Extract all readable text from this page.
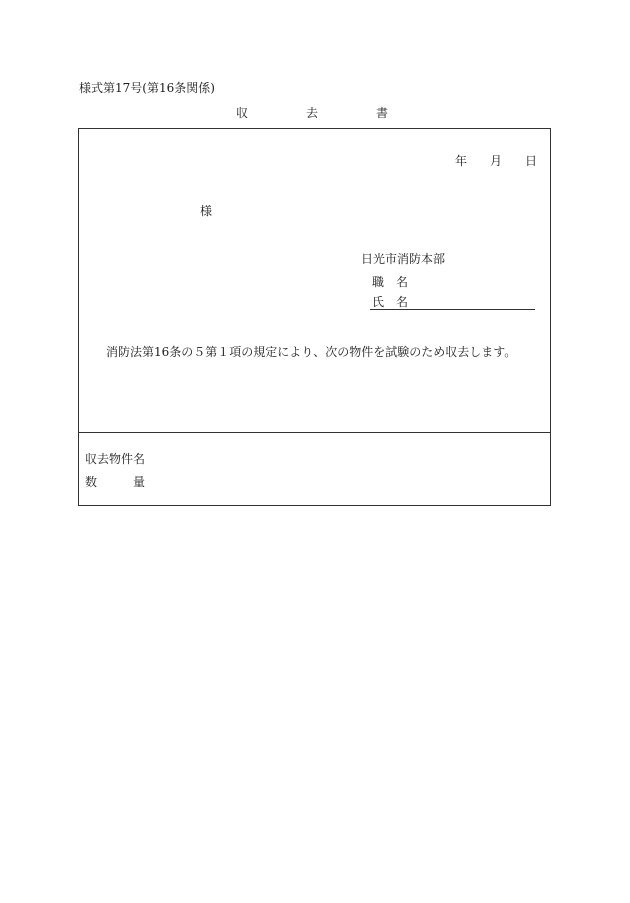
様式第17号(第16条関係)
収	去	書
年 月 日
様
日光市消防本部
職　名
氏　名
消防法第16条の５第１項の規定により、次の物件を試験のため収去します。
収去物件名
数　　　量
